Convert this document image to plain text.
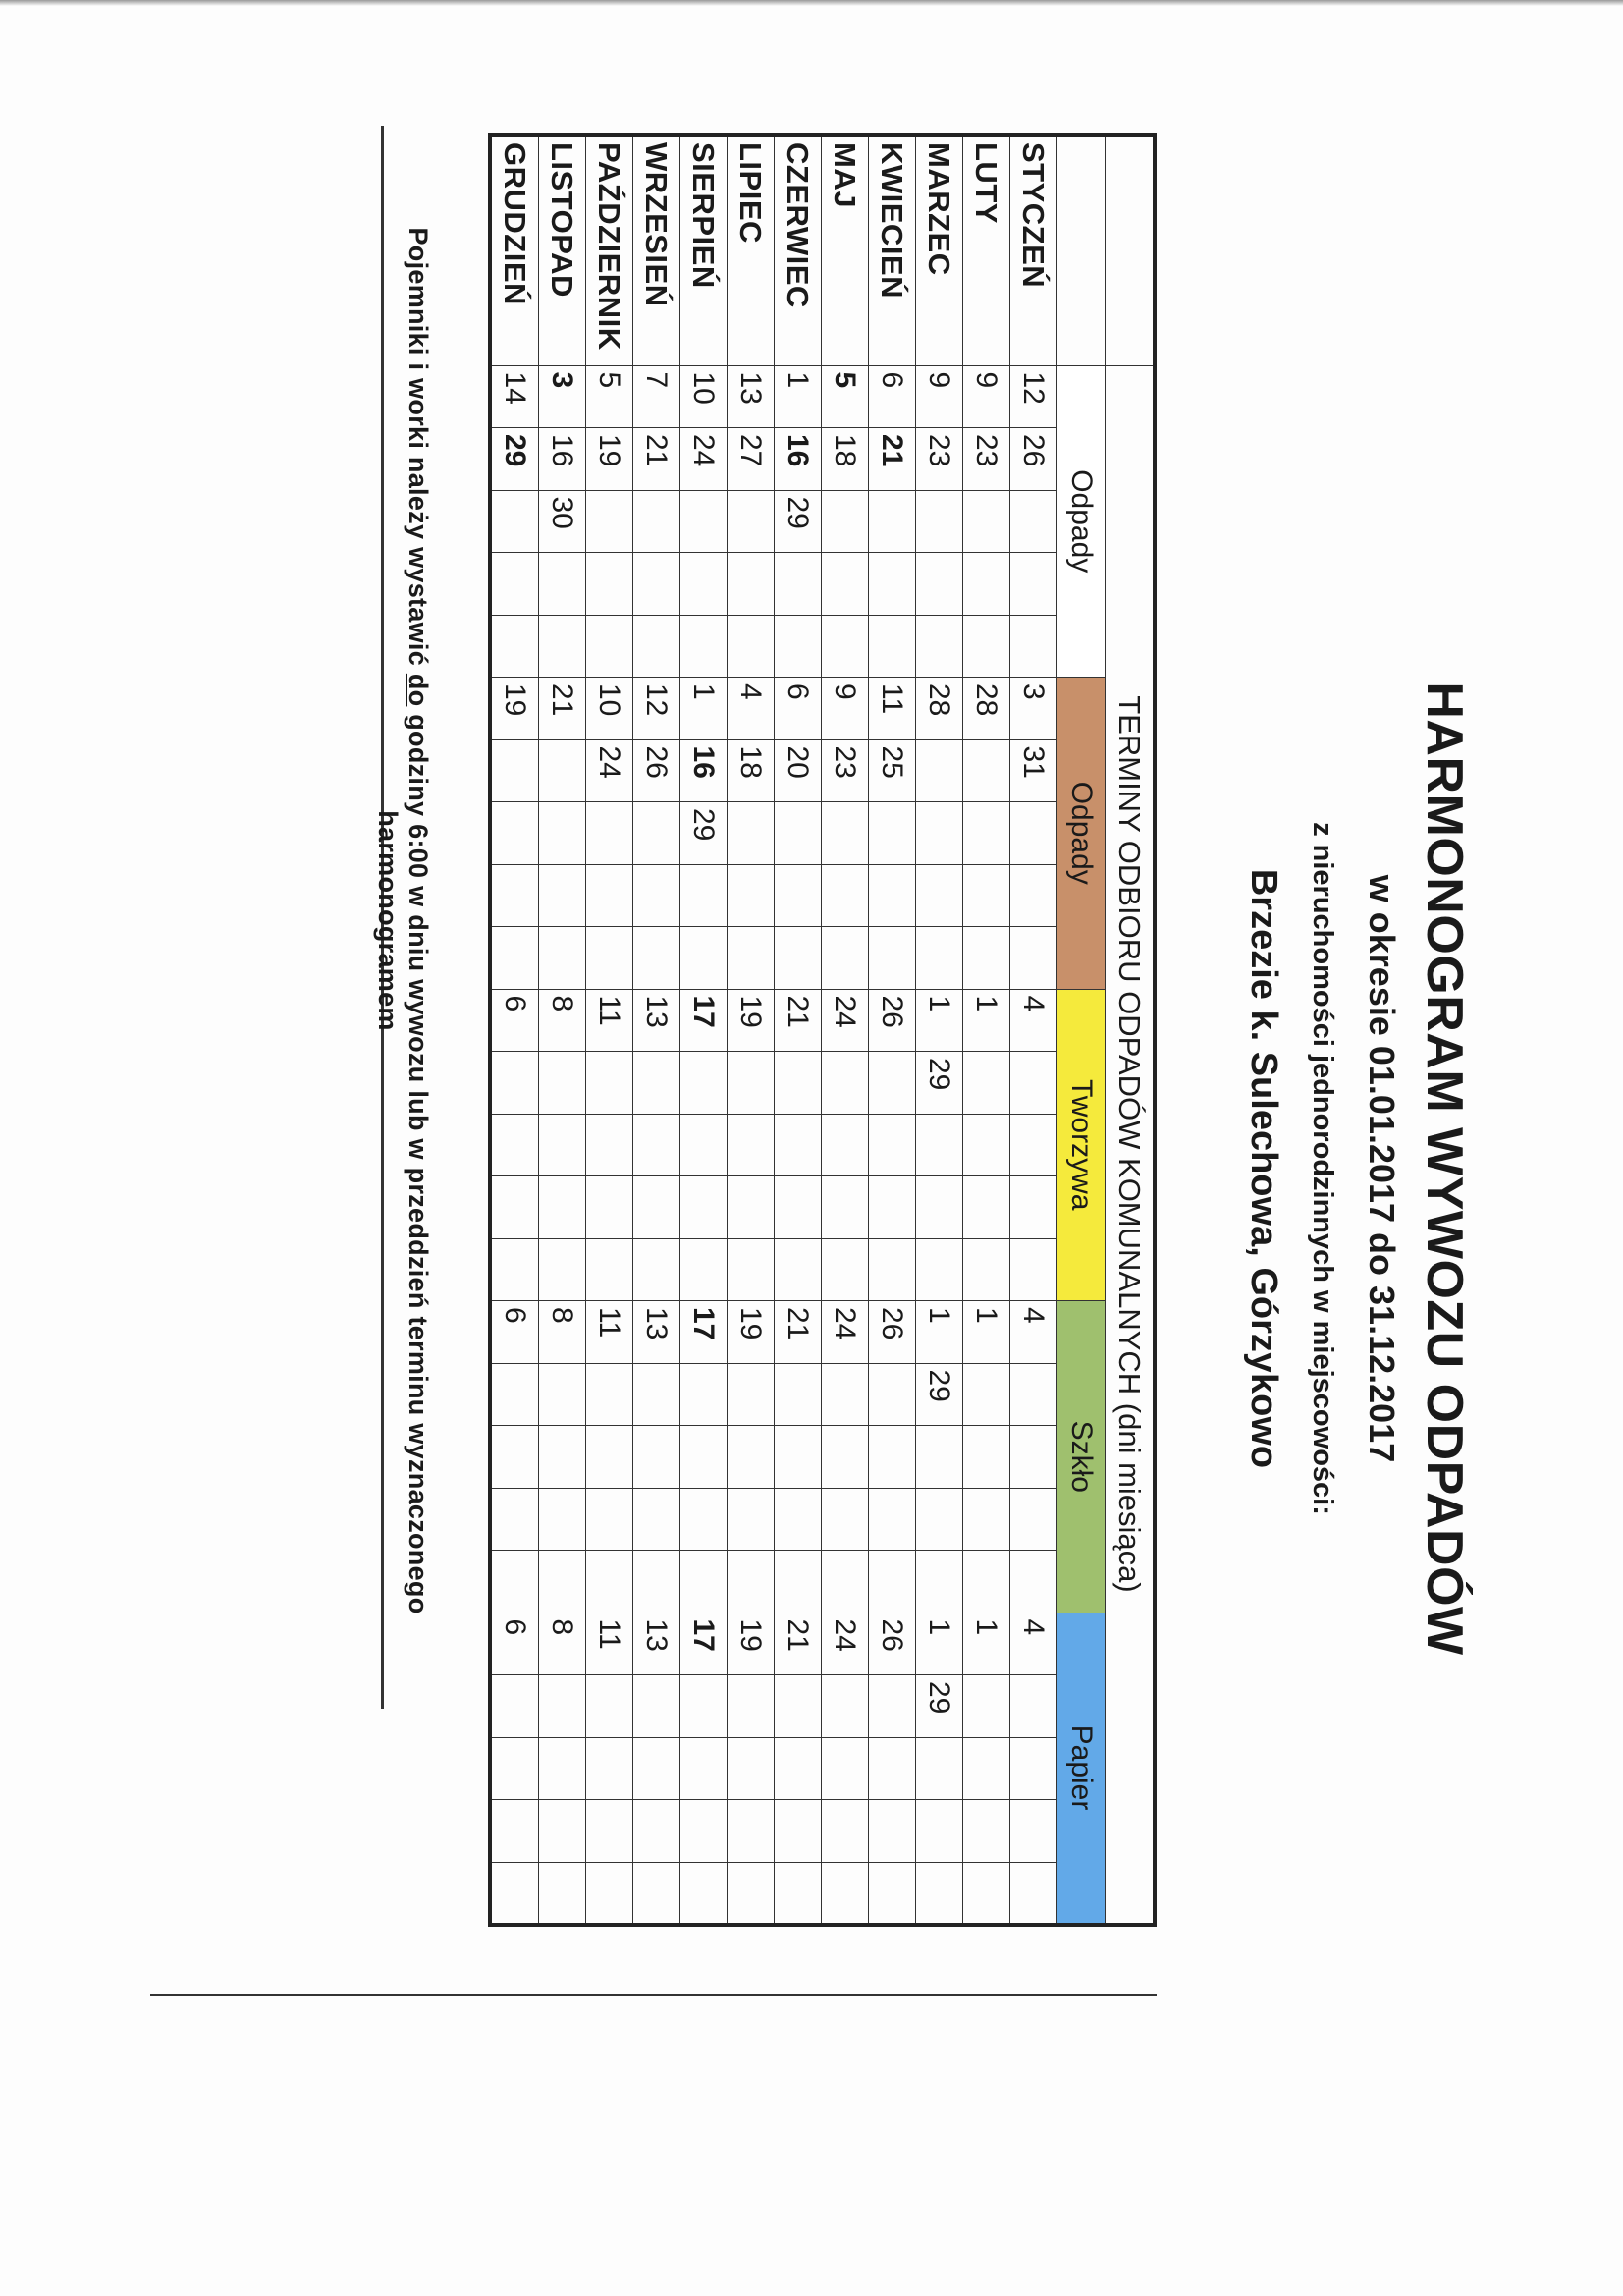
HARMONOGRAM WYWOZU ODPADÓW
w okresie 01.01.2017 do 31.12.2017
z nieruchomości jednorodzinnych w miejscowości:
Brzezie k. Sulechowa, Górzykowo
	TERMINY ODBIORU ODPADÓW KOMUNALNYCH (dni miesiąca)																								
	Odpady					Odpady					Tworzywa					Szkło					Papier				
STYCZEŃ	12	26				3	31				4					4					4				
LUTY	9	23				28					1					1					1				
MARZEC	9	23				28					1	29				1	29				1	29			
KWIECIEŃ	6	21				11	25				26					26					26				
MAJ	5	18				9	23				24					24					24				
CZERWIEC	1	16	29			6	20				21					21					21				
LIPIEC	13	27				4	18				19					19					19				
SIERPIEŃ	10	24				1	16	29			17					17					17				
WRZESIEŃ	7	21				12	26				13					13					13				
PAŹDZIERNIK	5	19				10	24				11					11					11				
LISTOPAD	3	16	30			21					8					8					8				
GRUDZIEŃ	14	29				19					6					6					6				
Pojemniki i worki należy wystawić do godziny 6:00 w dniu wywozu lub w przeddzień terminu wyznaczonego harmonogramem
